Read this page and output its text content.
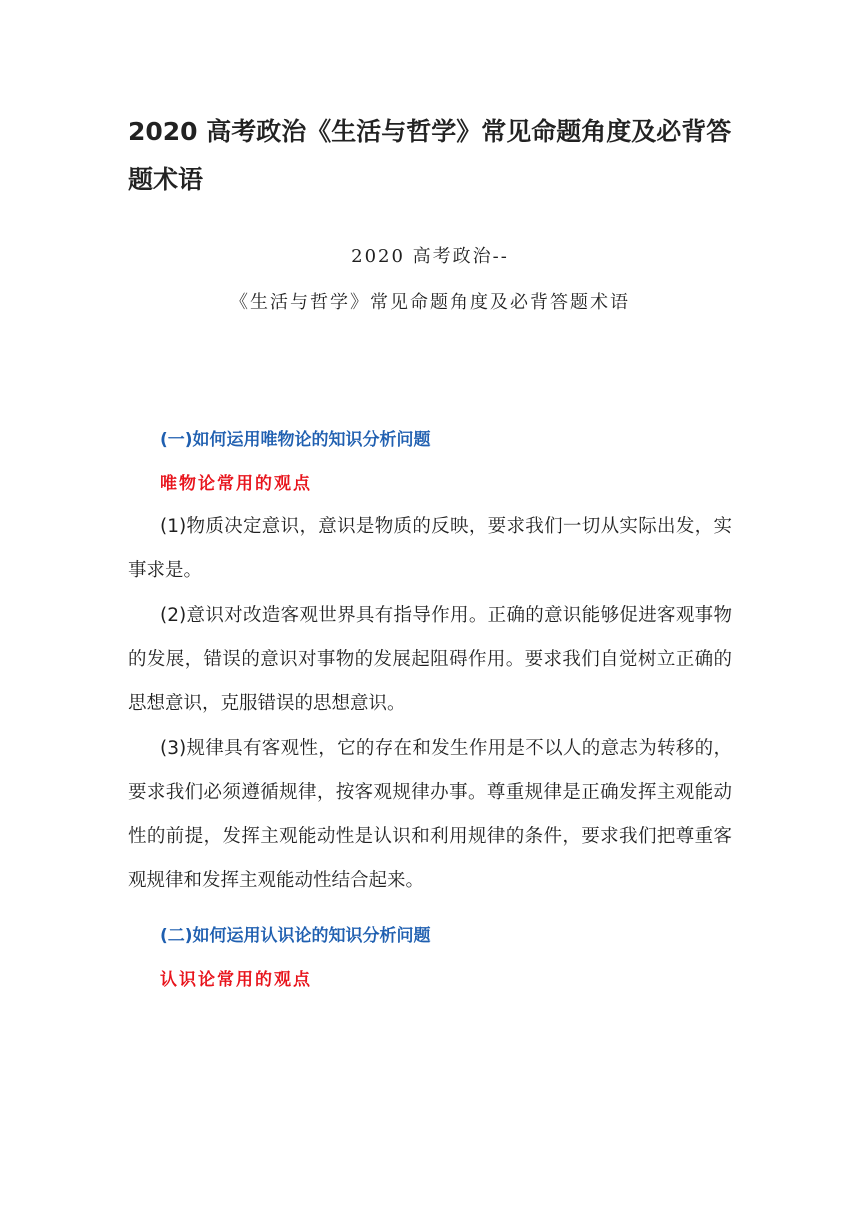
2020 高考政治《生活与哲学》常见命题角度及必背答题术语

2020 高考政治--

《生活与哲学》常见命题角度及必背答题术语

(一)如何运用唯物论的知识分析问题
唯物论常用的观点

(1)物质决定意识，意识是物质的反映，要求我们一切从实际出发，实事求是。

(2)意识对改造客观世界具有指导作用。正确的意识能够促进客观事物的发展，错误的意识对事物的发展起阻碍作用。要求我们自觉树立正确的思想意识，克服错误的思想意识。

(3)规律具有客观性，它的存在和发生作用是不以人的意志为转移的，要求我们必须遵循规律，按客观规律办事。尊重规律是正确发挥主观能动性的前提，发挥主观能动性是认识和利用规律的条件，要求我们把尊重客观规律和发挥主观能动性结合起来。

(二)如何运用认识论的知识分析问题
认识论常用的观点
